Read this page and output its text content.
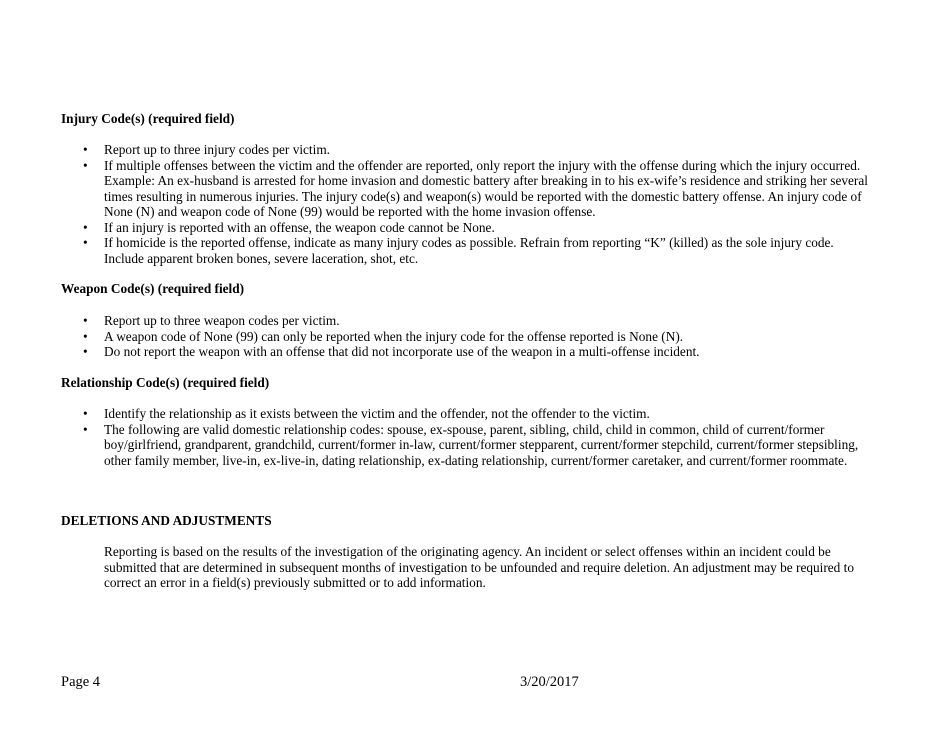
Injury Code(s) (required field)
• Report up to three injury codes per victim.
• If multiple offenses between the victim and the offender are reported, only report the injury with the offense during which the injury occurred. Example: An ex-husband is arrested for home invasion and domestic battery after breaking in to his ex-wife’s residence and striking her several times resulting in numerous injuries. The injury code(s) and weapon(s) would be reported with the domestic battery offense. An injury code of None (N) and weapon code of None (99) would be reported with the home invasion offense.
• If an injury is reported with an offense, the weapon code cannot be None.
• If homicide is the reported offense, indicate as many injury codes as possible. Refrain from reporting “K” (killed) as the sole injury code. Include apparent broken bones, severe laceration, shot, etc.
Weapon Code(s) (required field)
• Report up to three weapon codes per victim.
• A weapon code of None (99) can only be reported when the injury code for the offense reported is None (N).
• Do not report the weapon with an offense that did not incorporate use of the weapon in a multi-offense incident.
Relationship Code(s) (required field)
• Identify the relationship as it exists between the victim and the offender, not the offender to the victim.
• The following are valid domestic relationship codes: spouse, ex-spouse, parent, sibling, child, child in common, child of current/former boy/girlfriend, grandparent, grandchild, current/former in-law, current/former stepparent, current/former stepchild, current/former stepsibling, other family member, live-in, ex-live-in, dating relationship, ex-dating relationship, current/former caretaker, and current/former roommate.
DELETIONS AND ADJUSTMENTS

Reporting is based on the results of the investigation of the originating agency. An incident or select offenses within an incident could be submitted that are determined in subsequent months of investigation to be unfounded and require deletion. An adjustment may be required to correct an error in a field(s) previously submitted or to add information.

Page 4	3/20/2017
